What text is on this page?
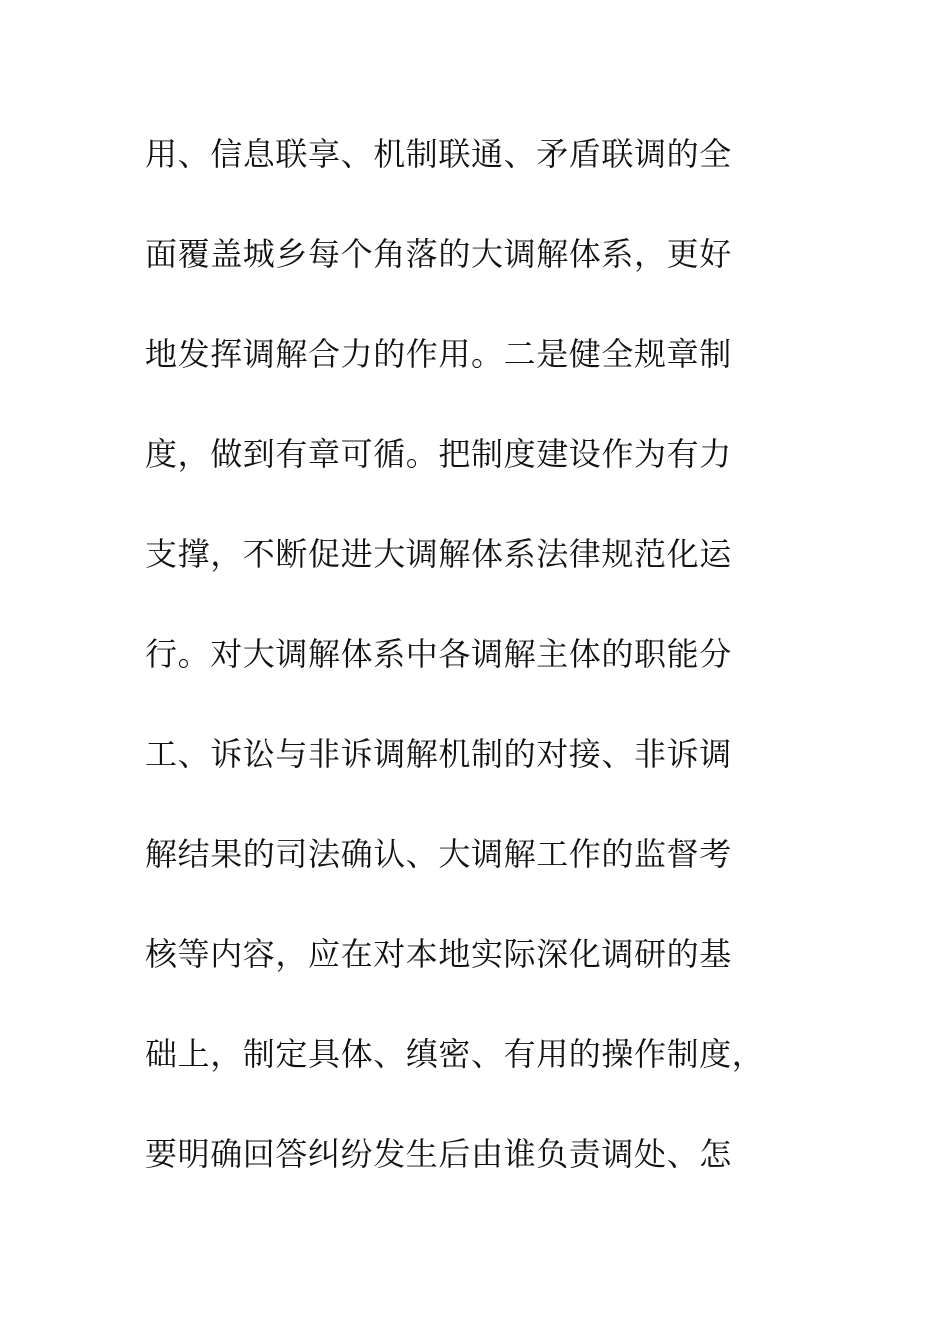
用、信息联享、机制联通、矛盾联调的全
面覆盖城乡每个角落的大调解体系，更好
地发挥调解合力的作用。二是健全规章制
度，做到有章可循。把制度建设作为有力
支撑，不断促进大调解体系法律规范化运
行。对大调解体系中各调解主体的职能分
工、诉讼与非诉调解机制的对接、非诉调
解结果的司法确认、大调解工作的监督考
核等内容，应在对本地实际深化调研的基
础上，制定具体、缜密、有用的操作制度，
要明确回答纠纷发生后由谁负责调处、怎
